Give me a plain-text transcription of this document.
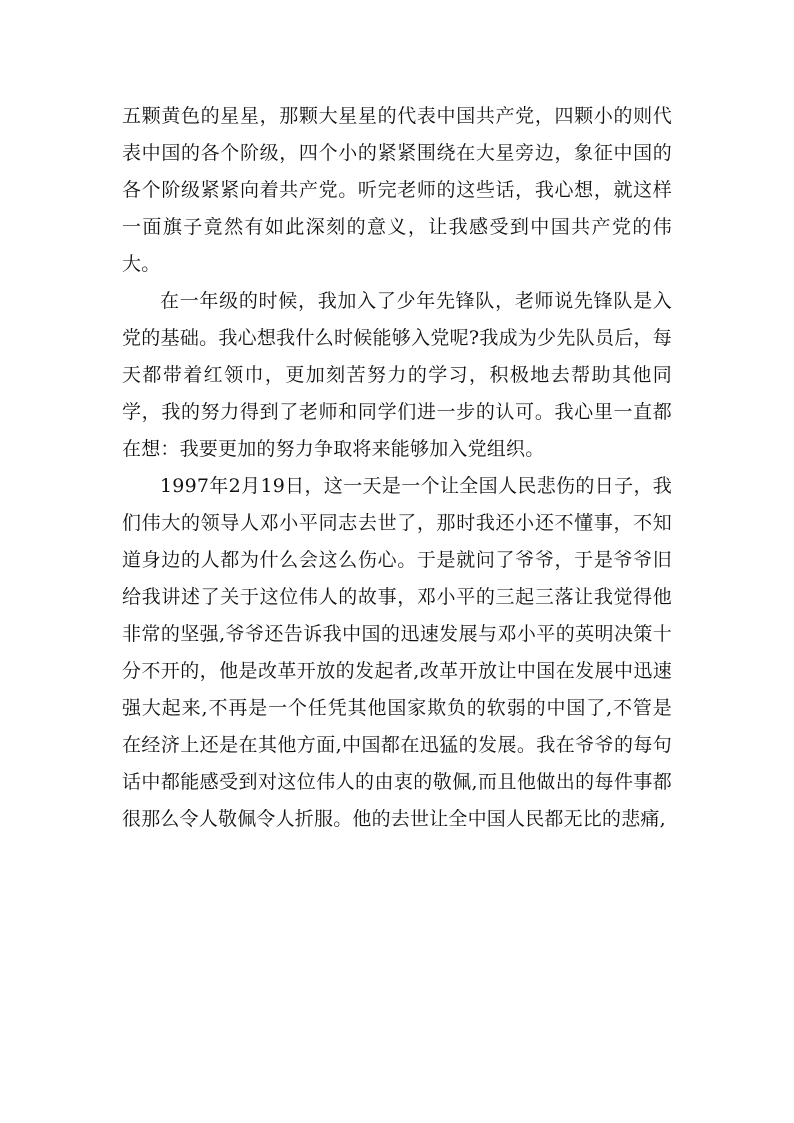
五颗黄色的星星，那颗大星星的代表中国共产党，四颗小的则代表中国的各个阶级，四个小的紧紧围绕在大星旁边，象征中国的各个阶级紧紧向着共产党。听完老师的这些话，我心想，就这样一面旗子竟然有如此深刻的意义，让我感受到中国共产党的伟大。

在一年级的时候，我加入了少年先锋队，老师说先锋队是入党的基础。我心想我什么时候能够入党呢?我成为少先队员后，每天都带着红领巾，更加刻苦努力的学习，积极地去帮助其他同学，我的努力得到了老师和同学们进一步的认可。我心里一直都在想：我要更加的努力争取将来能够加入党组织。

1997年2月19日，这一天是一个让全国人民悲伤的日子，我们伟大的领导人邓小平同志去世了，那时我还小还不懂事，不知道身边的人都为什么会这么伤心。于是就问了爷爷，于是爷爷旧给我讲述了关于这位伟人的故事，邓小平的三起三落让我觉得他非常的坚强,爷爷还告诉我中国的迅速发展与邓小平的英明决策十分不开的，他是改革开放的发起者,改革开放让中国在发展中迅速强大起来,不再是一个任凭其他国家欺负的软弱的中国了,不管是在经济上还是在其他方面,中国都在迅猛的发展。我在爷爷的每句话中都能感受到对这位伟人的由衷的敬佩,而且他做出的每件事都很那么令人敬佩令人折服。他的去世让全中国人民都无比的悲痛,
